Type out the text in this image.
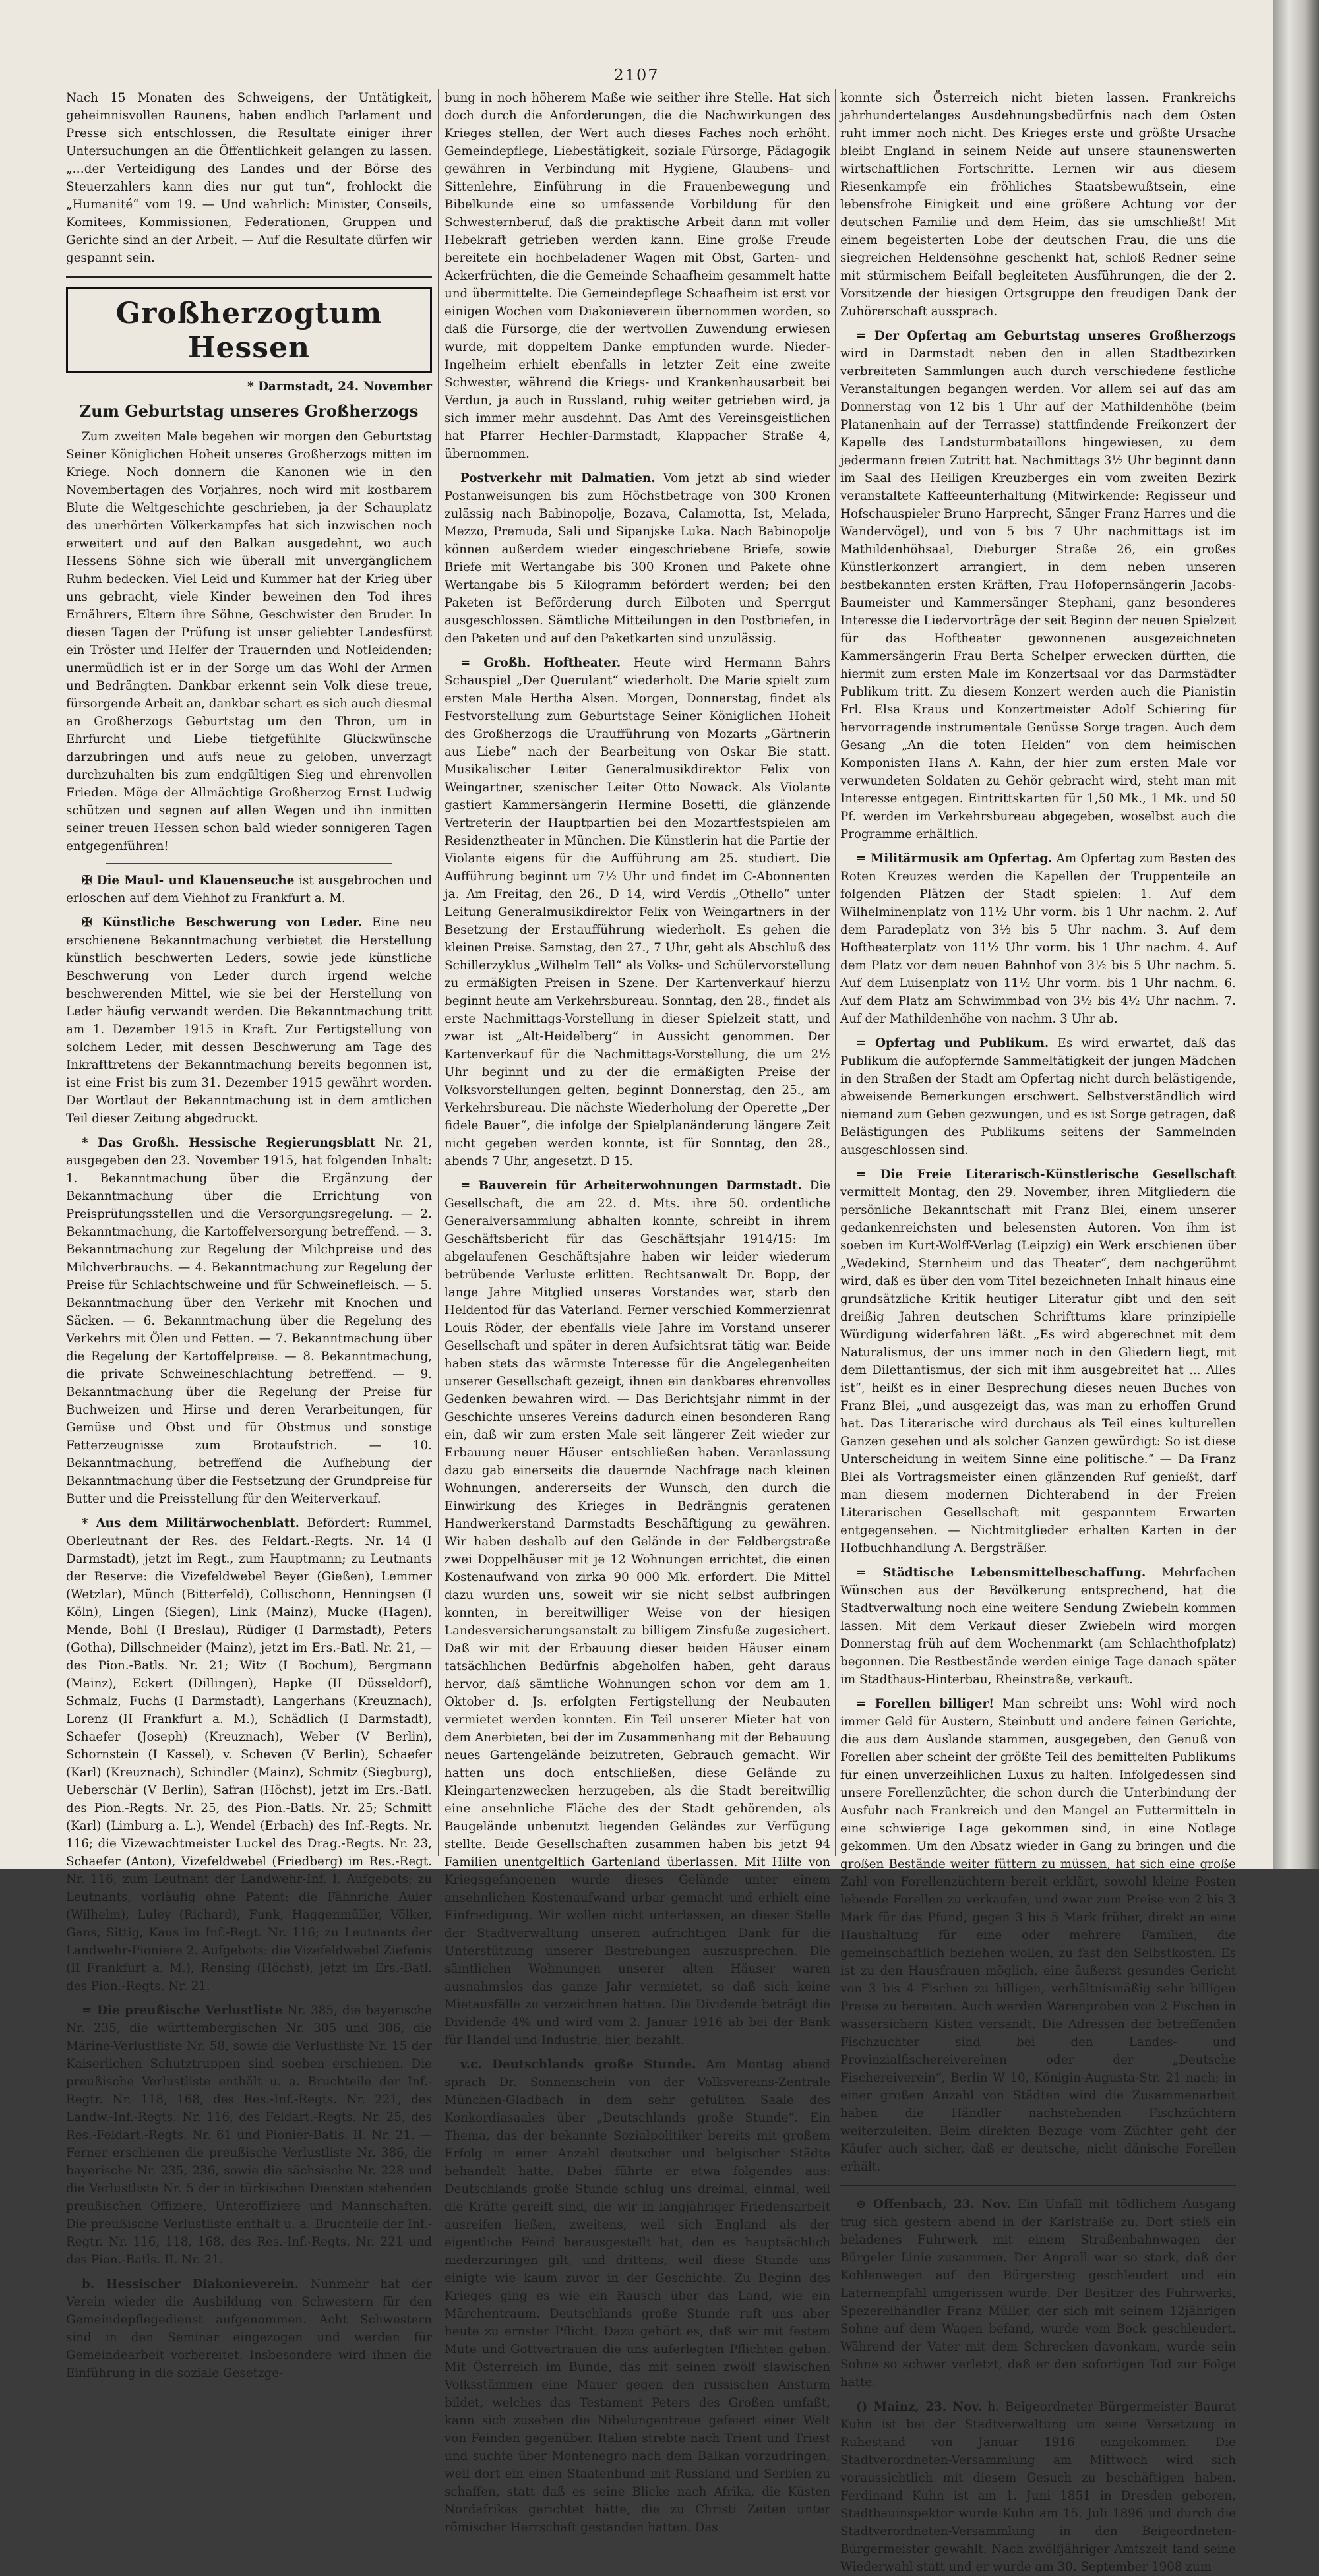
2107

Nach 15 Monaten des Schweigens, der Untätigkeit, geheimnisvollen Raunens, haben endlich Parlament und Presse sich entschlossen, die Resultate einiger ihrer Untersuchungen an die Öffentlichkeit gelangen zu lassen. „…der Verteidigung des Landes und der Börse des Steuerzahlers kann dies nur gut tun“, frohlockt die „Humanité“ vom 19. — Und wahrlich: Minister, Conseils, Komitees, Kommissionen, Federationen, Gruppen und Gerichte sind an der Arbeit. — Auf die Resultate dürfen wir gespannt sein.

Großherzogtum Hessen
* Darmstadt, 24. November
Zum Geburtstag unseres Großherzogs

Zum zweiten Male begehen wir morgen den Geburtstag Seiner Königlichen Hoheit unseres Großherzogs mitten im Kriege. Noch donnern die Kanonen wie in den Novembertagen des Vorjahres, noch wird mit kostbarem Blute die Weltgeschichte geschrieben, ja der Schauplatz des unerhörten Völkerkampfes hat sich inzwischen noch erweitert und auf den Balkan ausgedehnt, wo auch Hessens Söhne sich wie überall mit unvergänglichem Ruhm bedecken. Viel Leid und Kummer hat der Krieg über uns gebracht, viele Kinder beweinen den Tod ihres Ernährers, Eltern ihre Söhne, Geschwister den Bruder. In diesen Tagen der Prüfung ist unser geliebter Landesfürst ein Tröster und Helfer der Trauernden und Notleidenden; unermüdlich ist er in der Sorge um das Wohl der Armen und Bedrängten. Dankbar erkennt sein Volk diese treue, fürsorgende Arbeit an, dankbar schart es sich auch diesmal an Großherzogs Geburtstag um den Thron, um in Ehrfurcht und Liebe tiefgefühlte Glückwünsche darzubringen und aufs neue zu geloben, unverzagt durchzuhalten bis zum endgültigen Sieg und ehrenvollen Frieden. Möge der Allmächtige Großherzog Ernst Ludwig schützen und segnen auf allen Wegen und ihn inmitten seiner treuen Hessen schon bald wieder sonnigeren Tagen entgegenführen!

✠ Die Maul- und Klauenseuche ist ausgebrochen und erloschen auf dem Viehhof zu Frankfurt a. M.

✠ Künstliche Beschwerung von Leder. Eine neu erschienene Bekanntmachung verbietet die Herstellung künstlich beschwerten Leders, sowie jede künstliche Beschwerung von Leder durch irgend welche beschwerenden Mittel, wie sie bei der Herstellung von Leder häufig verwandt werden. Die Bekanntmachung tritt am 1. Dezember 1915 in Kraft. Zur Fertigstellung von solchem Leder, mit dessen Beschwerung am Tage des Inkrafttretens der Bekanntmachung bereits begonnen ist, ist eine Frist bis zum 31. Dezember 1915 gewährt worden. Der Wortlaut der Bekanntmachung ist in dem amtlichen Teil dieser Zeitung abgedruckt.

* Das Großh. Hessische Regierungsblatt Nr. 21, ausgegeben den 23. November 1915, hat folgenden Inhalt: 1. Bekanntmachung über die Ergänzung der Bekanntmachung über die Errichtung von Preisprüfungsstellen und die Versorgungsregelung. — 2. Bekanntmachung, die Kartoffelversorgung betreffend. — 3. Bekanntmachung zur Regelung der Milchpreise und des Milchverbrauchs. — 4. Bekanntmachung zur Regelung der Preise für Schlachtschweine und für Schweinefleisch. — 5. Bekanntmachung über den Verkehr mit Knochen und Säcken. — 6. Bekanntmachung über die Regelung des Verkehrs mit Ölen und Fetten. — 7. Bekanntmachung über die Regelung der Kartoffelpreise. — 8. Bekanntmachung, die private Schweineschlachtung betreffend. — 9. Bekanntmachung über die Regelung der Preise für Buchweizen und Hirse und deren Verarbeitungen, für Gemüse und Obst und für Obstmus und sonstige Fetterzeugnisse zum Brotaufstrich. — 10. Bekanntmachung, betreffend die Aufhebung der Bekanntmachung über die Festsetzung der Grundpreise für Butter und die Preisstellung für den Weiterverkauf.

* Aus dem Militärwochenblatt. Befördert: Rummel, Oberleutnant der Res. des Feldart.-Regts. Nr. 14 (I Darmstadt), jetzt im Regt., zum Hauptmann; zu Leutnants der Reserve: die Vizefeldwebel Beyer (Gießen), Lemmer (Wetzlar), Münch (Bitterfeld), Collischonn, Henningsen (I Köln), Lingen (Siegen), Link (Mainz), Mucke (Hagen), Mende, Bohl (I Breslau), Rüdiger (I Darmstadt), Peters (Gotha), Dillschneider (Mainz), jetzt im Ers.-Batl. Nr. 21, — des Pion.-Batls. Nr. 21; Witz (I Bochum), Bergmann (Mainz), Eckert (Dillingen), Hapke (II Düsseldorf), Schmalz, Fuchs (I Darmstadt), Langerhans (Kreuznach), Lorenz (II Frankfurt a. M.), Schädlich (I Darmstadt), Schaefer (Joseph) (Kreuznach), Weber (V Berlin), Schornstein (I Kassel), v. Scheven (V Berlin), Schaefer (Karl) (Kreuznach), Schindler (Mainz), Schmitz (Siegburg), Ueberschär (V Berlin), Safran (Höchst), jetzt im Ers.-Batl. des Pion.-Regts. Nr. 25, des Pion.-Batls. Nr. 25; Schmitt (Karl) (Limburg a. L.), Wendel (Erbach) des Inf.-Regts. Nr. 116; die Vizewachtmeister Luckel des Drag.-Regts. Nr. 23, Schaefer (Anton), Vizefeldwebel (Friedberg) im Res.-Regt. Nr. 116, zum Leutnant der Landwehr-Inf. I. Aufgebots; zu Leutnants, vorläufig ohne Patent: die Fähnriche Auler (Wilhelm), Luley (Richard), Funk, Haggenmüller, Völker, Gans, Sittig, Kaus im Inf.-Regt. Nr. 116; zu Leutnants der Landwehr-Pioniere 2. Aufgebots: die Vizefeldwebel Ziefenis (II Frankfurt a. M.), Rensing (Höchst), jetzt im Ers.-Batl. des Pion.-Regts. Nr. 21.

= Die preußische Verlustliste Nr. 385, die bayerische Nr. 235, die württembergischen Nr. 305 und 306, die Marine-Verlustliste Nr. 58, sowie die Verlustliste Nr. 15 der Kaiserlichen Schutztruppen sind soeben erschienen. Die preußische Verlustliste enthält u. a. Bruchteile der Inf.-Regtr. Nr. 118, 168, des Res.-Inf.-Regts. Nr. 221, des Landw.-Inf.-Regts. Nr. 116, des Feldart.-Regts. Nr. 25, des Res.-Feldart.-Regts. Nr. 61 und Pionier-Batls. II. Nr. 21. — Ferner erschienen die preußische Verlustliste Nr. 386, die bayerische Nr. 235, 236, sowie die sächsische Nr. 228 und die Verlustliste Nr. 5 der in türkischen Diensten stehenden preußischen Offiziere, Unteroffiziere und Mannschaften. Die preußische Verlustliste enthält u. a. Bruchteile der Inf.-Regtr. Nr. 116, 118, 168, des Res.-Inf.-Regts. Nr. 221 und des Pion.-Batls. II. Nr. 21.

b. Hessischer Diakonieverein. Nunmehr hat der Verein wieder die Ausbildung von Schwestern für den Gemeindepflegedienst aufgenommen. Acht Schwestern sind in den Seminar eingezogen und werden für Gemeindearbeit vorbereitet. Insbesondere wird ihnen die Einführung in die soziale Gesetzge-

bung in noch höherem Maße wie seither ihre Stelle. Hat sich doch durch die Anforderungen, die die Nachwirkungen des Krieges stellen, der Wert auch dieses Faches noch erhöht. Gemeindepflege, Liebestätigkeit, soziale Fürsorge, Pädagogik gewähren in Verbindung mit Hygiene, Glaubens- und Sittenlehre, Einführung in die Frauenbewegung und Bibelkunde eine so umfassende Vorbildung für den Schwesternberuf, daß die praktische Arbeit dann mit voller Hebekraft getrieben werden kann. Eine große Freude bereitete ein hochbeladener Wagen mit Obst, Garten- und Ackerfrüchten, die die Gemeinde Schaafheim gesammelt hatte und übermittelte. Die Gemeindepflege Schaafheim ist erst vor einigen Wochen vom Diakonieverein übernommen worden, so daß die Fürsorge, die der wertvollen Zuwendung erwiesen wurde, mit doppeltem Danke empfunden wurde. Nieder-Ingelheim erhielt ebenfalls in letzter Zeit eine zweite Schwester, während die Kriegs- und Krankenhausarbeit bei Verdun, ja auch in Russland, ruhig weiter getrieben wird, ja sich immer mehr ausdehnt. Das Amt des Vereinsgeistlichen hat Pfarrer Hechler-Darmstadt, Klappacher Straße 4, übernommen.

Postverkehr mit Dalmatien. Vom jetzt ab sind wieder Postanweisungen bis zum Höchstbetrage von 300 Kronen zulässig nach Babinopolje, Bozava, Calamotta, Ist, Melada, Mezzo, Premuda, Sali und Sipanjske Luka. Nach Babinopolje können außerdem wieder eingeschriebene Briefe, sowie Briefe mit Wertangabe bis 300 Kronen und Pakete ohne Wertangabe bis 5 Kilogramm befördert werden; bei den Paketen ist Beförderung durch Eilboten und Sperrgut ausgeschlossen. Sämtliche Mitteilungen in den Postbriefen, in den Paketen und auf den Paketkarten sind unzulässig.

= Großh. Hoftheater. Heute wird Hermann Bahrs Schauspiel „Der Querulant“ wiederholt. Die Marie spielt zum ersten Male Hertha Alsen. Morgen, Donnerstag, findet als Festvorstellung zum Geburtstage Seiner Königlichen Hoheit des Großherzogs die Uraufführung von Mozarts „Gärtnerin aus Liebe“ nach der Bearbeitung von Oskar Bie statt. Musikalischer Leiter Generalmusikdirektor Felix von Weingartner, szenischer Leiter Otto Nowack. Als Violante gastiert Kammersängerin Hermine Bosetti, die glänzende Vertreterin der Hauptpartien bei den Mozartfestspielen am Residenztheater in München. Die Künstlerin hat die Partie der Violante eigens für die Aufführung am 25. studiert. Die Aufführung beginnt um 7½ Uhr und findet im C-Abonnenten ja. Am Freitag, den 26., D 14, wird Verdis „Othello“ unter Leitung Generalmusikdirektor Felix von Weingartners in der Besetzung der Erstaufführung wiederholt. Es gehen die kleinen Preise. Samstag, den 27., 7 Uhr, geht als Abschluß des Schillerzyklus „Wilhelm Tell“ als Volks- und Schülervorstellung zu ermäßigten Preisen in Szene. Der Kartenverkauf hierzu beginnt heute am Verkehrsbureau. Sonntag, den 28., findet als erste Nachmittags-Vorstellung in dieser Spielzeit statt, und zwar ist „Alt-Heidelberg“ in Aussicht genommen. Der Kartenverkauf für die Nachmittags-Vorstellung, die um 2½ Uhr beginnt und zu der die ermäßigten Preise der Volksvorstellungen gelten, beginnt Donnerstag, den 25., am Verkehrsbureau. Die nächste Wiederholung der Operette „Der fidele Bauer“, die infolge der Spielplanänderung längere Zeit nicht gegeben werden konnte, ist für Sonntag, den 28., abends 7 Uhr, angesetzt. D 15.

= Bauverein für Arbeiterwohnungen Darmstadt. Die Gesellschaft, die am 22. d. Mts. ihre 50. ordentliche Generalversammlung abhalten konnte, schreibt in ihrem Geschäftsbericht für das Geschäftsjahr 1914/15: Im abgelaufenen Geschäftsjahre haben wir leider wiederum betrübende Verluste erlitten. Rechtsanwalt Dr. Bopp, der lange Jahre Mitglied unseres Vorstandes war, starb den Heldentod für das Vaterland. Ferner verschied Kommerzienrat Louis Röder, der ebenfalls viele Jahre im Vorstand unserer Gesellschaft und später in deren Aufsichtsrat tätig war. Beide haben stets das wärmste Interesse für die Angelegenheiten unserer Gesellschaft gezeigt, ihnen ein dankbares ehrenvolles Gedenken bewahren wird. — Das Berichtsjahr nimmt in der Geschichte unseres Vereins dadurch einen besonderen Rang ein, daß wir zum ersten Male seit längerer Zeit wieder zur Erbauung neuer Häuser entschließen haben. Veranlassung dazu gab einerseits die dauernde Nachfrage nach kleinen Wohnungen, andererseits der Wunsch, den durch die Einwirkung des Krieges in Bedrängnis geratenen Handwerkerstand Darmstadts Beschäftigung zu gewähren. Wir haben deshalb auf den Gelände in der Feldbergstraße zwei Doppelhäuser mit je 12 Wohnungen errichtet, die einen Kostenaufwand von zirka 90 000 Mk. erfordert. Die Mittel dazu wurden uns, soweit wir sie nicht selbst aufbringen konnten, in bereitwilliger Weise von der hiesigen Landesversicherungsanstalt zu billigem Zinsfuße zugesichert. Daß wir mit der Erbauung dieser beiden Häuser einem tatsächlichen Bedürfnis abgeholfen haben, geht daraus hervor, daß sämtliche Wohnungen schon vor dem am 1. Oktober d. Js. erfolgten Fertigstellung der Neubauten vermietet werden konnten. Ein Teil unserer Mieter hat von dem Anerbieten, bei der im Zusammenhang mit der Bebauung neues Gartengelände beizutreten, Gebrauch gemacht. Wir hatten uns doch entschließen, diese Gelände zu Kleingartenzwecken herzugeben, als die Stadt bereitwillig eine ansehnliche Fläche des der Stadt gehörenden, als Baugelände unbenutzt liegenden Geländes zur Verfügung stellte. Beide Gesellschaften zusammen haben bis jetzt 94 Familien unentgeltlich Gartenland überlassen. Mit Hilfe von Kriegsgefangenen wurde dieses Gelände unter einem ansehnlichen Kostenaufwand urbar gemacht und erhielt eine Einfriedigung. Wir wollen nicht unterlassen, an dieser Stelle der Stadtverwaltung unseren aufrichtigen Dank für die Unterstützung unserer Bestrebungen auszusprechen. Die sämtlichen Wohnungen unserer alten Häuser waren ausnahmslos das ganze Jahr vermietet, so daß sich keine Mietausfälle zu verzeichnen hatten. Die Dividende beträgt die Dividende 4% und wird vom 2. Januar 1916 ab bei der Bank für Handel und Industrie, hier, bezahlt.

v.c. Deutschlands große Stunde. Am Montag abend sprach Dr. Sonnenschein von der Volksvereins-Zentrale München-Gladbach in dem sehr gefüllten Saale des Konkordiasaales über „Deutschlands große Stunde“. Ein Thema, das der bekannte Sozialpolitiker bereits mit großem Erfolg in einer Anzahl deutscher und belgischer Städte behandelt hatte. Dabei führte er etwa folgendes aus: Deutschlands große Stunde schlug uns dreimal, einmal, weil die Kräfte gereift sind, die wir in langjähriger Friedensarbeit ausreifen ließen, zweitens, weil sich England als der eigentliche Feind herausgestellt hat, den es hauptsächlich niederzuringen gilt, und drittens, weil diese Stunde uns einigte wie kaum zuvor in der Geschichte. Zu Beginn des Krieges ging es wie ein Rausch über das Land, wie ein Märchentraum. Deutschlands große Stunde ruft uns aber heute zu ernster Pflicht. Dazu gehört es, daß wir mit festem Mute und Gottvertrauen die uns auferlegten Pflichten geben. Mit Österreich im Bunde, das mit seinen zwölf slawischen Volksstämmen eine Mauer gegen den russischen Ansturm bildet, welches das Testament Peters des Großen umfaßt, kann sich zusehen die Nibelungentreue gefeiert einer Welt von Feinden gegenüber. Italien strebte nach Trient und Triest und suchte über Montenegro nach dem Balkan vorzudringen, weil dort ein einen Staatenbund mit Russland und Serbien zu schaffen, statt daß es seine Blicke nach Afrika, die Küsten Nordafrikas gerichtet hätte, die zu Christi Zeiten unter römischer Herrschaft gestanden hatten. Das

konnte sich Österreich nicht bieten lassen. Frankreichs jahrhundertelanges Ausdehnungsbedürfnis nach dem Osten ruht immer noch nicht. Des Krieges erste und größte Ursache bleibt England in seinem Neide auf unsere staunenswerten wirtschaftlichen Fortschritte. Lernen wir aus diesem Riesenkampfe ein fröhliches Staatsbewußtsein, eine lebensfrohe Einigkeit und eine größere Achtung vor der deutschen Familie und dem Heim, das sie umschließt! Mit einem begeisterten Lobe der deutschen Frau, die uns die siegreichen Heldensöhne geschenkt hat, schloß Redner seine mit stürmischem Beifall begleiteten Ausführungen, die der 2. Vorsitzende der hiesigen Ortsgruppe den freudigen Dank der Zuhörerschaft aussprach.

= Der Opfertag am Geburtstag unseres Großherzogs wird in Darmstadt neben den in allen Stadtbezirken verbreiteten Sammlungen auch durch verschiedene festliche Veranstaltungen begangen werden. Vor allem sei auf das am Donnerstag von 12 bis 1 Uhr auf der Mathildenhöhe (beim Platanenhain auf der Terrasse) stattfindende Freikonzert der Kapelle des Landsturmbataillons hingewiesen, zu dem jedermann freien Zutritt hat. Nachmittags 3½ Uhr beginnt dann im Saal des Heiligen Kreuzberges ein vom zweiten Bezirk veranstaltete Kaffeeunterhaltung (Mitwirkende: Regisseur und Hofschauspieler Bruno Harprecht, Sänger Franz Harres und die Wandervögel), und von 5 bis 7 Uhr nachmittags ist im Mathildenhöhsaal, Dieburger Straße 26, ein großes Künstlerkonzert arrangiert, in dem neben unseren bestbekannten ersten Kräften, Frau Hofopernsängerin Jacobs-Baumeister und Kammersänger Stephani, ganz besonderes Interesse die Liedervorträge der seit Beginn der neuen Spielzeit für das Hoftheater gewonnenen ausgezeichneten Kammersängerin Frau Berta Schelper erwecken dürften, die hiermit zum ersten Male im Konzertsaal vor das Darmstädter Publikum tritt. Zu diesem Konzert werden auch die Pianistin Frl. Elsa Kraus und Konzertmeister Adolf Schiering für hervorragende instrumentale Genüsse Sorge tragen. Auch dem Gesang „An die toten Helden“ von dem heimischen Komponisten Hans A. Kahn, der hier zum ersten Male vor verwundeten Soldaten zu Gehör gebracht wird, steht man mit Interesse entgegen. Eintrittskarten für 1,50 Mk., 1 Mk. und 50 Pf. werden im Verkehrsbureau abgegeben, woselbst auch die Programme erhältlich.

= Militärmusik am Opfertag. Am Opfertag zum Besten des Roten Kreuzes werden die Kapellen der Truppenteile an folgenden Plätzen der Stadt spielen: 1. Auf dem Wilhelminenplatz von 11½ Uhr vorm. bis 1 Uhr nachm. 2. Auf dem Paradeplatz von 3½ bis 5 Uhr nachm. 3. Auf dem Hoftheaterplatz von 11½ Uhr vorm. bis 1 Uhr nachm. 4. Auf dem Platz vor dem neuen Bahnhof von 3½ bis 5 Uhr nachm. 5. Auf dem Luisenplatz von 11½ Uhr vorm. bis 1 Uhr nachm. 6. Auf dem Platz am Schwimmbad von 3½ bis 4½ Uhr nachm. 7. Auf der Mathildenhöhe von nachm. 3 Uhr ab.

= Opfertag und Publikum. Es wird erwartet, daß das Publikum die aufopfernde Sammeltätigkeit der jungen Mädchen in den Straßen der Stadt am Opfertag nicht durch belästigende, abweisende Bemerkungen erschwert. Selbstverständlich wird niemand zum Geben gezwungen, und es ist Sorge getragen, daß Belästigungen des Publikums seitens der Sammelnden ausgeschlossen sind.

= Die Freie Literarisch-Künstlerische Gesellschaft vermittelt Montag, den 29. November, ihren Mitgliedern die persönliche Bekanntschaft mit Franz Blei, einem unserer gedankenreichsten und belesensten Autoren. Von ihm ist soeben im Kurt-Wolff-Verlag (Leipzig) ein Werk erschienen über „Wedekind, Sternheim und das Theater“, dem nachgerühmt wird, daß es über den vom Titel bezeichneten Inhalt hinaus eine grundsätzliche Kritik heutiger Literatur gibt und den seit dreißig Jahren deutschen Schrifttums klare prinzipielle Würdigung widerfahren läßt. „Es wird abgerechnet mit dem Naturalismus, der uns immer noch in den Gliedern liegt, mit dem Dilettantismus, der sich mit ihm ausgebreitet hat ... Alles ist“, heißt es in einer Besprechung dieses neuen Buches von Franz Blei, „und ausgezeigt das, was man zu erhoffen Grund hat. Das Literarische wird durchaus als Teil eines kulturellen Ganzen gesehen und als solcher Ganzen gewürdigt: So ist diese Unterscheidung in weitem Sinne eine politische.“ — Da Franz Blei als Vortragsmeister einen glänzenden Ruf genießt, darf man diesem modernen Dichterabend in der Freien Literarischen Gesellschaft mit gespanntem Erwarten entgegensehen. — Nichtmitglieder erhalten Karten in der Hofbuchhandlung A. Bergsträßer.

= Städtische Lebensmittelbeschaffung. Mehrfachen Wünschen aus der Bevölkerung entsprechend, hat die Stadtverwaltung noch eine weitere Sendung Zwiebeln kommen lassen. Mit dem Verkauf dieser Zwiebeln wird morgen Donnerstag früh auf dem Wochenmarkt (am Schlachthofplatz) begonnen. Die Restbestände werden einige Tage danach später im Stadthaus-Hinterbau, Rheinstraße, verkauft.

= Forellen billiger! Man schreibt uns: Wohl wird noch immer Geld für Austern, Steinbutt und andere feinen Gerichte, die aus dem Auslande stammen, ausgegeben, den Genuß von Forellen aber scheint der größte Teil des bemittelten Publikums für einen unverzeihlichen Luxus zu halten. Infolgedessen sind unsere Forellenzüchter, die schon durch die Unterbindung der Ausfuhr nach Frankreich und den Mangel an Futtermitteln in eine schwierige Lage gekommen sind, in eine Notlage gekommen. Um den Absatz wieder in Gang zu bringen und die großen Bestände weiter füttern zu müssen, hat sich eine große Zahl von Forellenzüchtern bereit erklärt, sowohl kleine Posten lebende Forellen zu verkaufen, und zwar zum Preise von 2 bis 3 Mark für das Pfund, gegen 3 bis 5 Mark früher, direkt an eine Haushaltung für eine oder mehrere Familien, die gemeinschaftlich beziehen wollen, zu fast den Selbstkosten. Es ist zu den Hausfrauen möglich, eine äußerst gesundes Gericht von 3 bis 4 Fischen zu billigen, verhältnismäßig sehr billigen Preise zu bereiten. Auch werden Warenproben von 2 Fischen in wassersichern Kisten versandt. Die Adressen der betreffenden Fischzüchter sind bei den Landes- und Provinzialfischereivereinen oder der „Deutsche Fischereiverein“, Berlin W 10, Königin-Augusta-Str. 21 nach; in einer großen Anzahl von Städten wird die Zusammenarbeit haben die Händler nachstehenden Fischzüchtern weiterzuleiten. Beim direkten Bezuge vom Züchter geht der Käufer auch sicher, daß er deutsche, nicht dänische Forellen erhält.

⊙ Offenbach, 23. Nov. Ein Unfall mit tödlichem Ausgang trug sich gestern abend in der Karlstraße zu. Dort stieß ein beladenes Fuhrwerk mit einem Straßenbahnwagen der Bürgeler Linie zusammen. Der Anprall war so stark, daß der Kohlenwagen auf den Bürgersteig geschleudert und ein Laternenpfahl umgerissen wurde. Der Besitzer des Fuhrwerks, Spezereihändler Franz Müller, der sich mit seinem 12jährigen Sohne auf dem Wagen befand, wurde vom Bock geschleudert. Während der Vater mit dem Schrecken davonkam, wurde sein Sohne so schwer verletzt, daß er den sofortigen Tod zur Folge hatte.

() Mainz, 23. Nov. h. Beigeordneter Bürgermeister Baurat Kuhn ist bei der Stadtverwaltung um seine Versetzung in Ruhestand von Januar 1916 eingekommen. Die Stadtverordneten-Versammlung am Mittwoch wird sich voraussichtlich mit diesem Gesuch zu beschäftigen haben. Ferdinand Kuhn ist am 1. Juni 1851 in Dresden geboren, Stadtbauinspektor wurde Kuhn am 15. Juli 1896 und durch die Stadtverordneten-Versammlung in den Beigeordneten-Bürgermeister gewählt. Nach zwölfjähriger Amtszeit fand seine Wiederwahl statt und er wurde am 30. September 1908 zum
